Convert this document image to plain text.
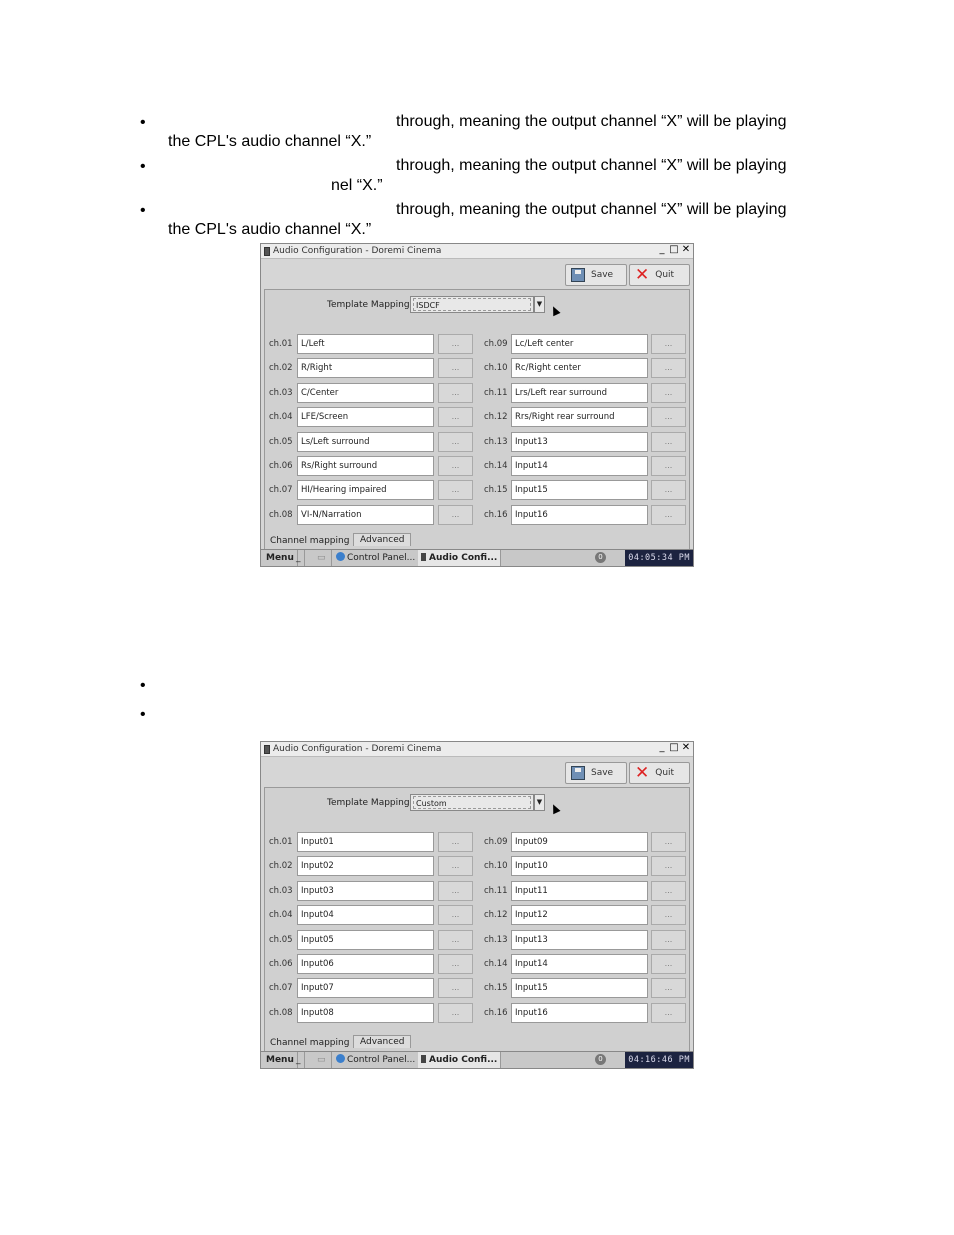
•	through, meaning the output channel “X” will be playing
the CPL's audio channel “X.”
•	through, meaning the output channel “X” will be playing
nel “X.”
•	through, meaning the output channel “X” will be playing
the CPL's audio channel “X.”
•
•
Audio Configuration - Doremi Cinema	_ □ ✕
Save ✕ Quit
Template Mapping ISDCF	▼
ch.01 L/Left	...	ch.09 Lc/Left center	...
ch.02 R/Right	...	ch.10 Rc/Right center	...
ch.03 C/Center	...	ch.11 Lrs/Left rear surround	...
ch.04 LFE/Screen	...	ch.12 Rrs/Right rear surround	...
ch.05 Ls/Left surround	...	ch.13 Input13	...
ch.06 Rs/Right surround	...	ch.14 Input14	...
ch.07 HI/Hearing impaired	...	ch.15 Input15	...
ch.08 VI-N/Narration	...	ch.16 Input16	...
Channel mapping	Advanced
Menu _	▭	Control Panel...	Audio Confi...	0	04:05:34 PM
Audio Configuration - Doremi Cinema	_ □ ✕
Save ✕ Quit
Template Mapping Custom	▼
ch.01 Input01	...	ch.09 Input09	...
ch.02 Input02	...	ch.10 Input10	...
ch.03 Input03	...	ch.11 Input11	...
ch.04 Input04	...	ch.12 Input12	...
ch.05 Input05	...	ch.13 Input13	...
ch.06 Input06	...	ch.14 Input14	...
ch.07 Input07	...	ch.15 Input15	...
ch.08 Input08	...	ch.16 Input16	...
Channel mapping	Advanced
Menu _	▭	Control Panel...	Audio Confi...	0	04:16:46 PM
